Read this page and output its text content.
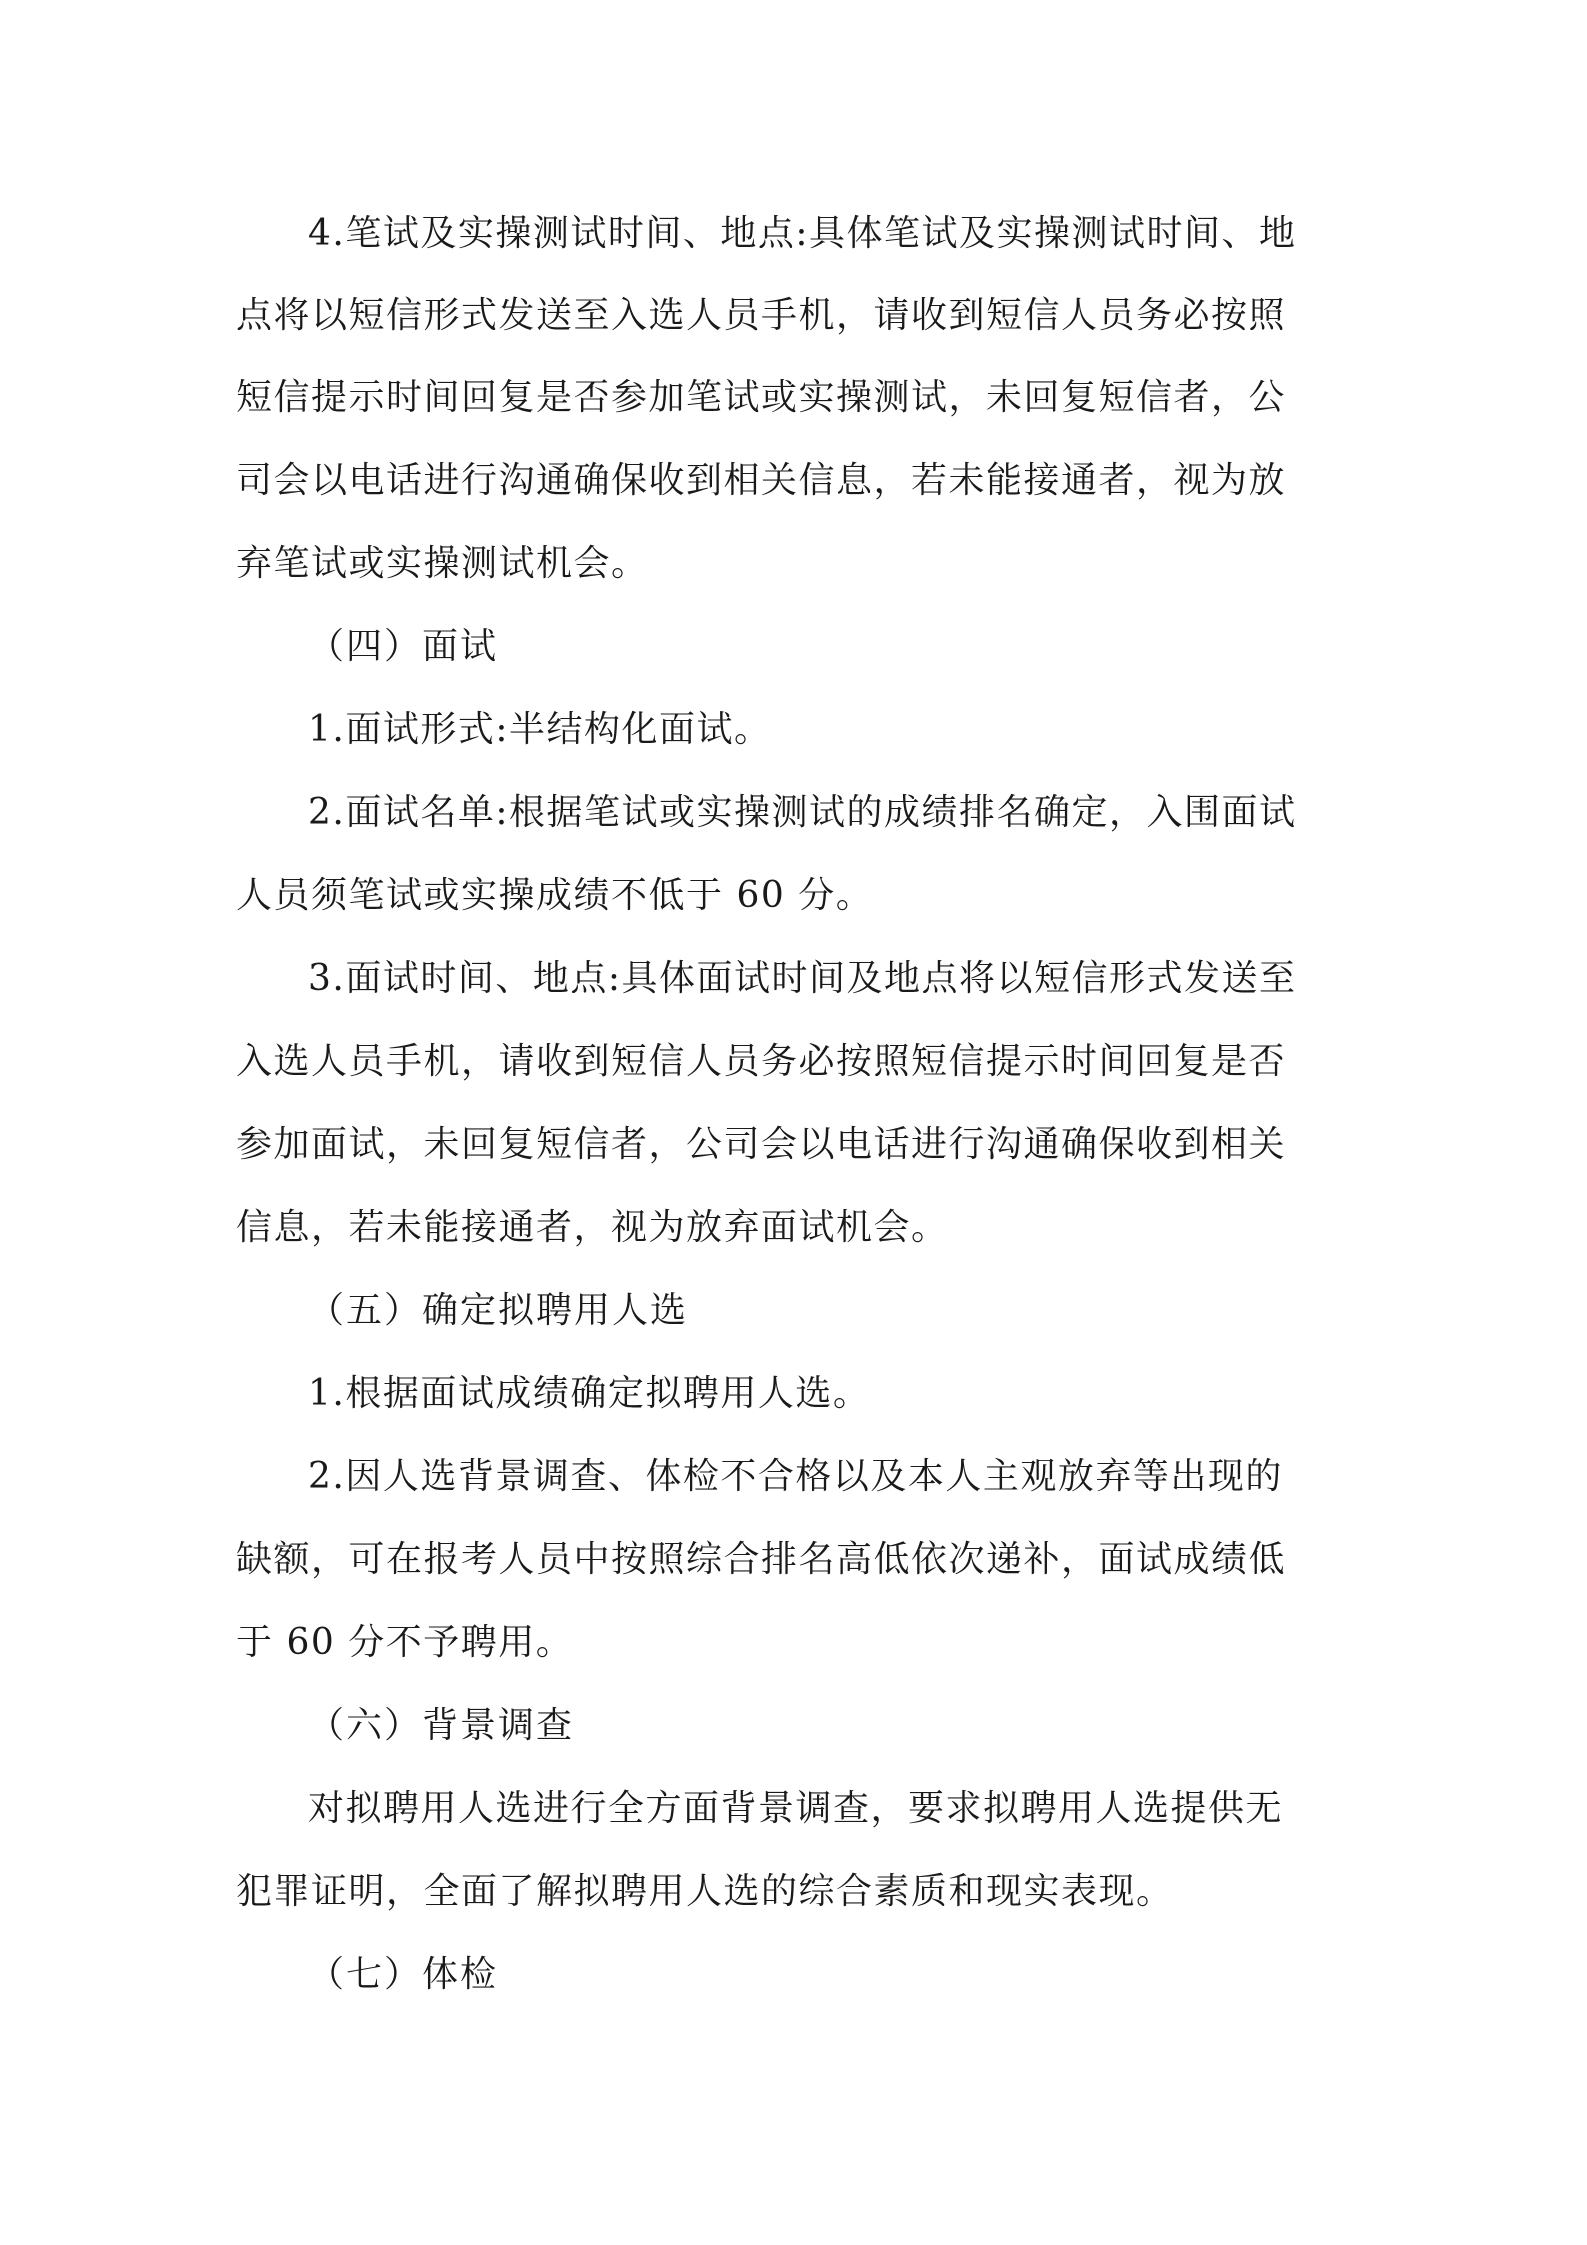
4.笔试及实操测试时间、地点:具体笔试及实操测试时间、地
点将以短信形式发送至入选人员手机，请收到短信人员务必按照
短信提示时间回复是否参加笔试或实操测试，未回复短信者，公
司会以电话进行沟通确保收到相关信息，若未能接通者，视为放
弃笔试或实操测试机会。
（四）面试
1.面试形式:半结构化面试。
2.面试名单:根据笔试或实操测试的成绩排名确定，入围面试
人员须笔试或实操成绩不低于 60 分。
3.面试时间、地点:具体面试时间及地点将以短信形式发送至
入选人员手机，请收到短信人员务必按照短信提示时间回复是否
参加面试，未回复短信者，公司会以电话进行沟通确保收到相关
信息，若未能接通者，视为放弃面试机会。
（五）确定拟聘用人选
1.根据面试成绩确定拟聘用人选。
2.因人选背景调查、体检不合格以及本人主观放弃等出现的
缺额，可在报考人员中按照综合排名高低依次递补，面试成绩低
于 60 分不予聘用。
（六）背景调查
对拟聘用人选进行全方面背景调查，要求拟聘用人选提供无
犯罪证明，全面了解拟聘用人选的综合素质和现实表现。
（七）体检
